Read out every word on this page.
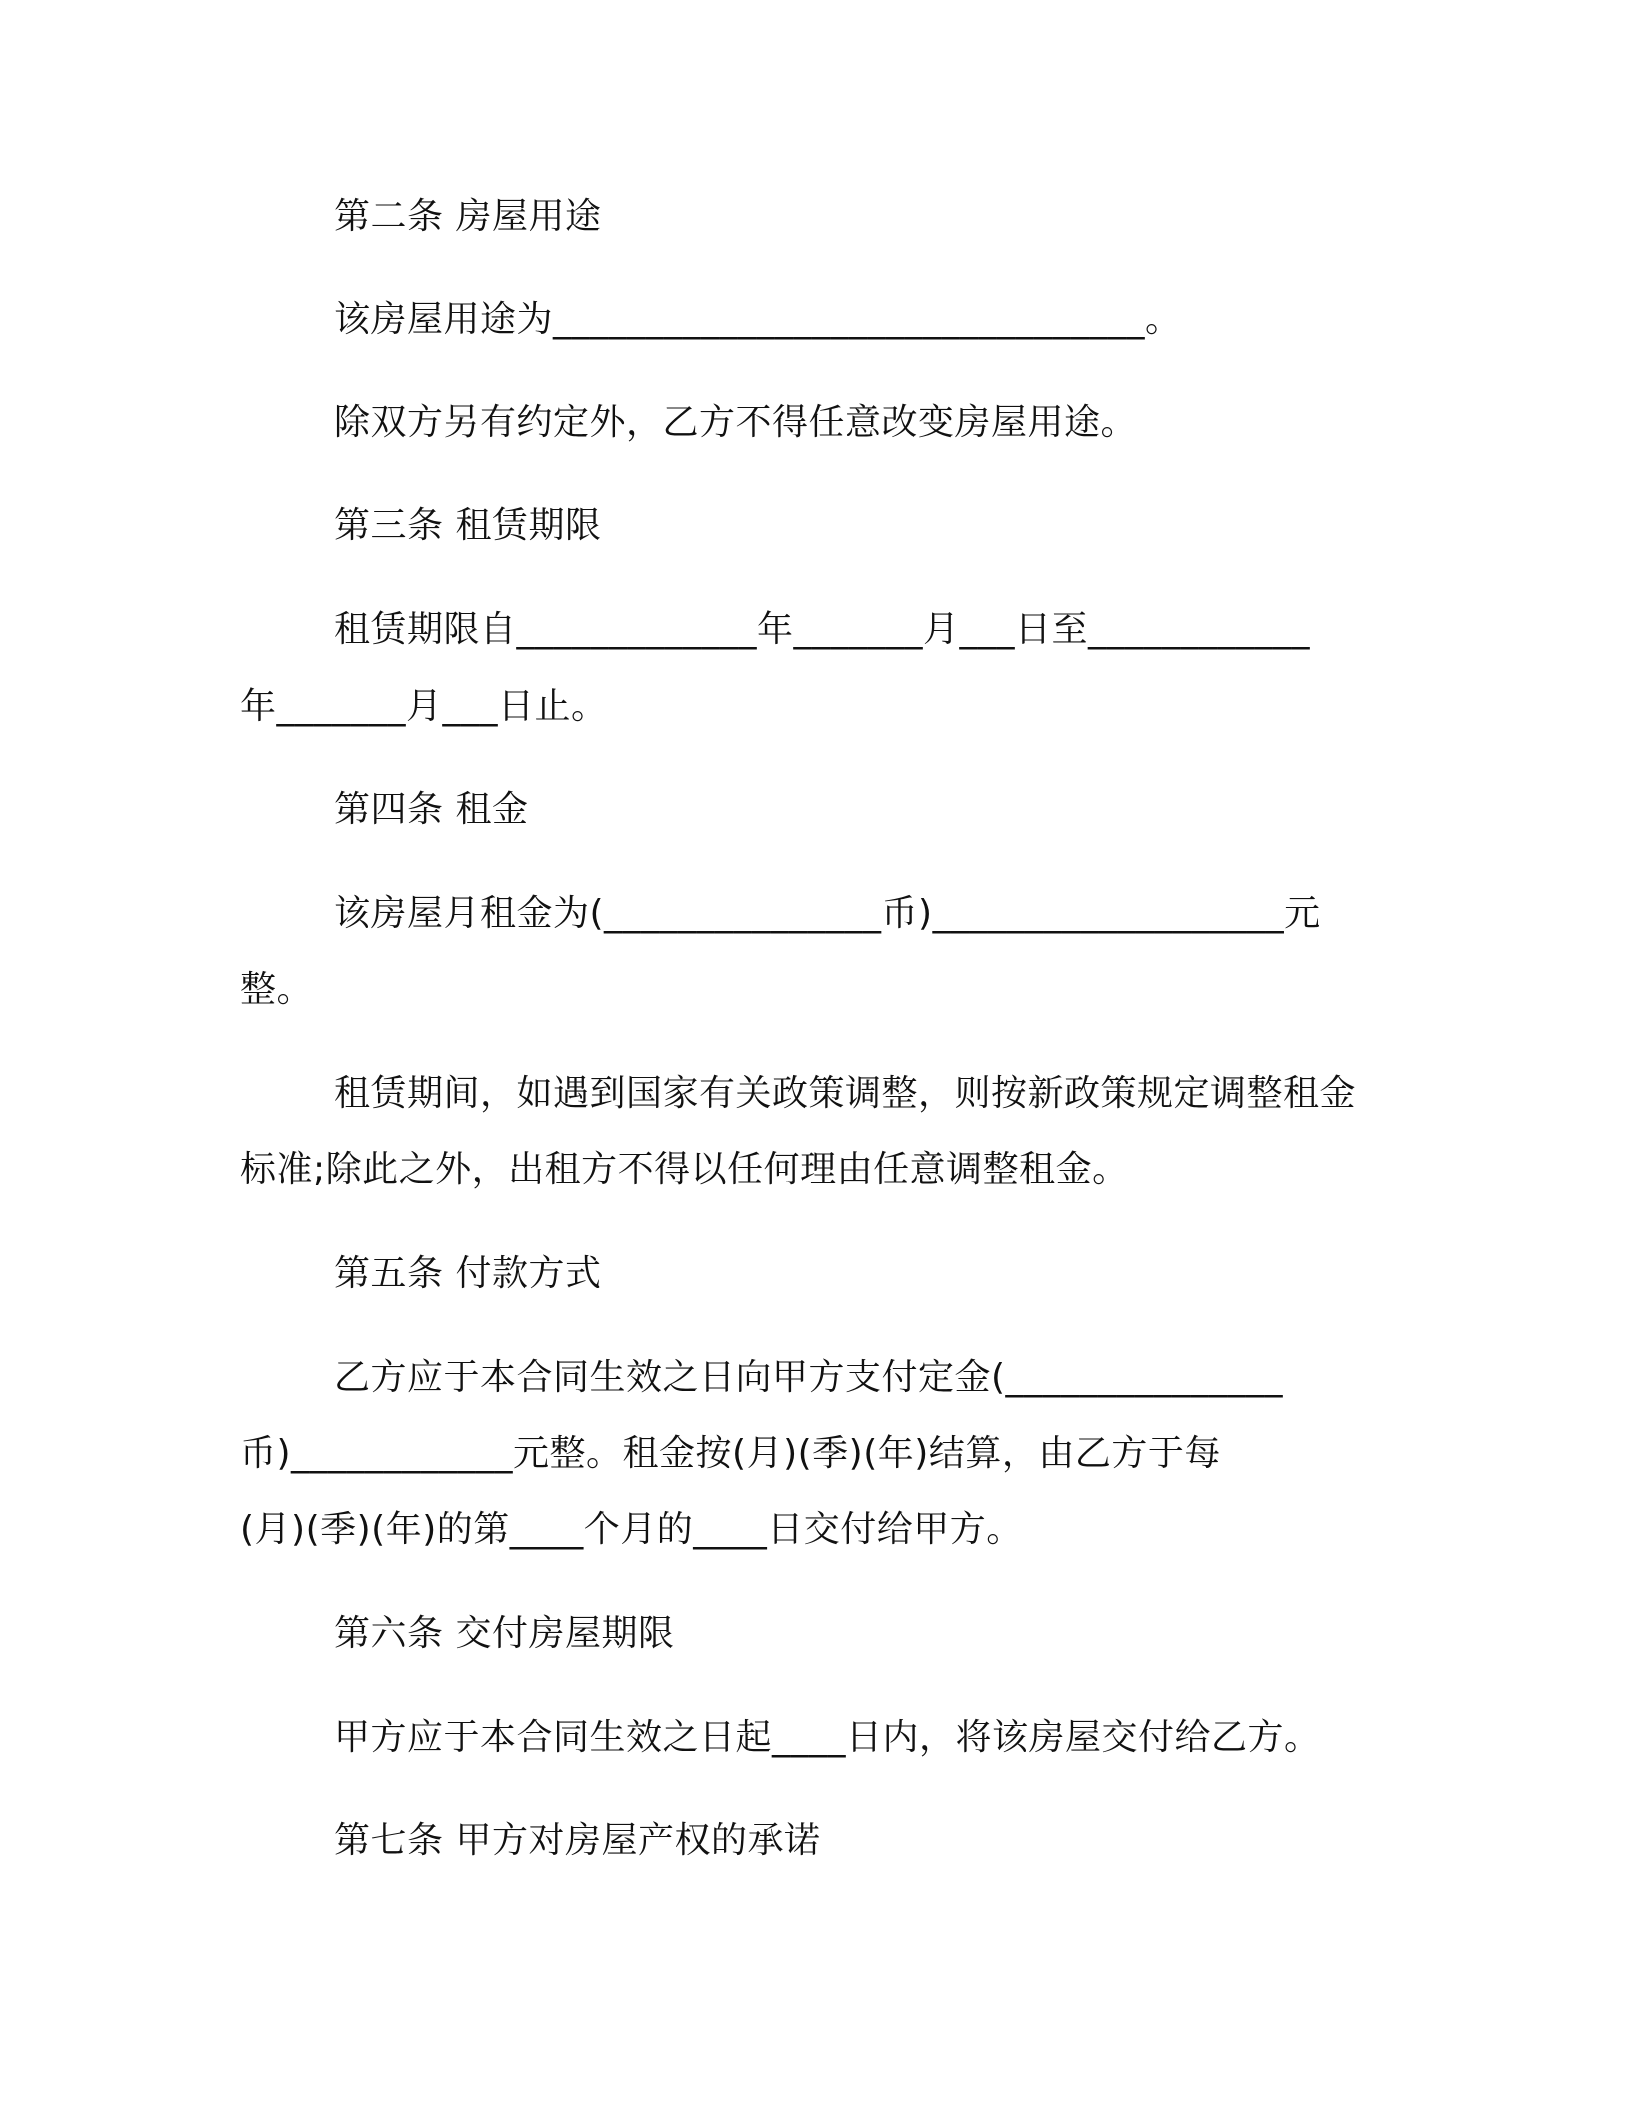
第二条 房屋用途
该房屋用途为________________________________。
除双方另有约定外，乙方不得任意改变房屋用途。
第三条 租赁期限
租赁期限自_____________年_______月___日至____________
年_______月___日止。
第四条 租金
该房屋月租金为(_______________币)___________________元
整。
租赁期间，如遇到国家有关政策调整，则按新政策规定调整租金
标准;除此之外，出租方不得以任何理由任意调整租金。
第五条 付款方式
乙方应于本合同生效之日向甲方支付定金(_______________
币)____________元整。租金按(月)(季)(年)结算，由乙方于每
(月)(季)(年)的第____个月的____日交付给甲方。
第六条 交付房屋期限
甲方应于本合同生效之日起____日内，将该房屋交付给乙方。
第七条 甲方对房屋产权的承诺
